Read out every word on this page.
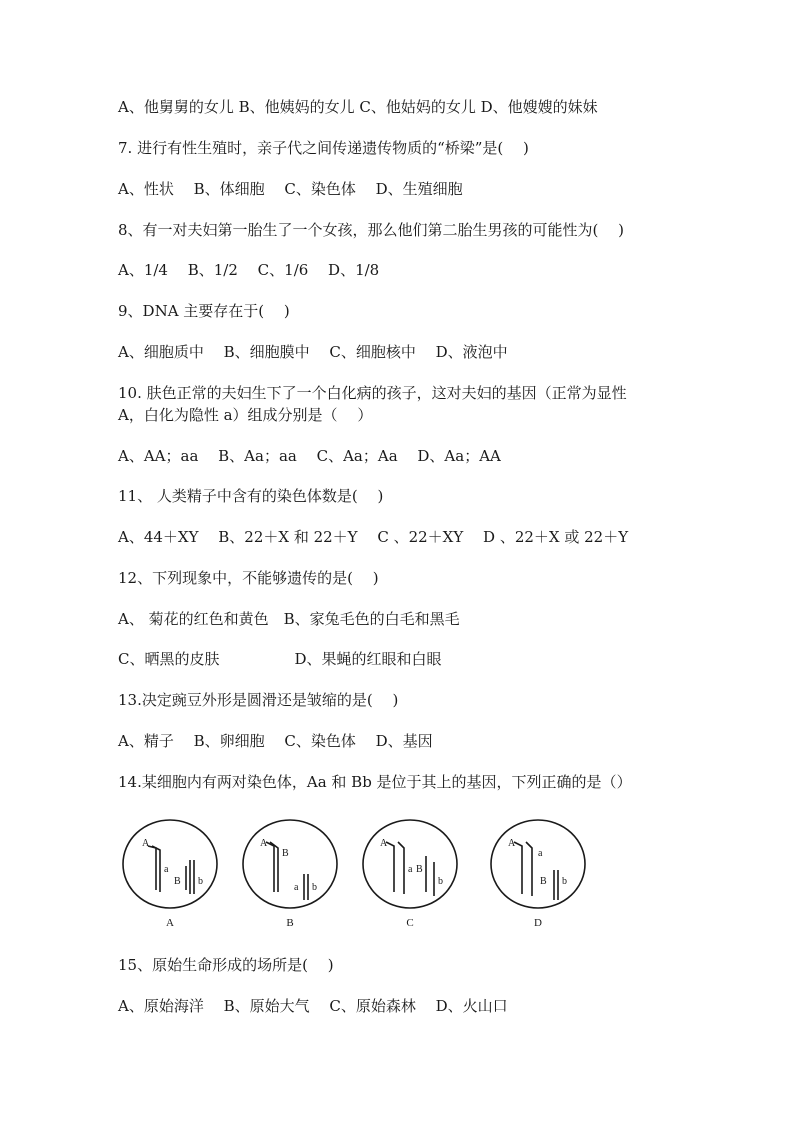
A、他舅舅的女儿 B、他姨妈的女儿 C、他姑妈的女儿 D、他嫂嫂的妹妹
7. 进行有性生殖时，亲子代之间传递遗传物质的“桥梁”是(　 )
A、性状　 B、体细胞　 C、染色体　 D、生殖细胞
8、有一对夫妇第一胎生了一个女孩，那么他们第二胎生男孩的可能性为(　 )
A、1/4　 B、1/2　 C、1/6　 D、1/8
9、DNA 主要存在于(　 )
A、细胞质中　 B、细胞膜中　 C、细胞核中　 D、液泡中
10. 肤色正常的夫妇生下了一个白化病的孩子，这对夫妇的基因（正常为显性
A，白化为隐性 a）组成分别是（　 ）
A、AA；aa　 B、Aa；aa　 C、Aa；Aa　 D、Aa；AA
11、 人类精子中含有的染色体数是(　 )
A、44＋XY　 B、22＋X 和 22＋Y　 C 、22＋XY　 D 、22＋X 或 22＋Y
12、下列现象中，不能够遗传的是(　 )
A、 菊花的红色和黄色　B、家兔毛色的白毛和黑毛
C、晒黑的皮肤　　　　　D、果蝇的红眼和白眼
13.决定豌豆外形是圆滑还是皱缩的是(　 )
A、精子　 B、卵细胞　 C、染色体　 D、基因
14.某细胞内有两对染色体，Aa 和 Bb 是位于其上的基因，下列正确的是（）
A
a
B b
A
B
a b
A
a B
b
A
a
B b
A	B	C	D
15、原始生命形成的场所是(　 )
A、原始海洋　 B、原始大气　 C、原始森林　 D、火山口
